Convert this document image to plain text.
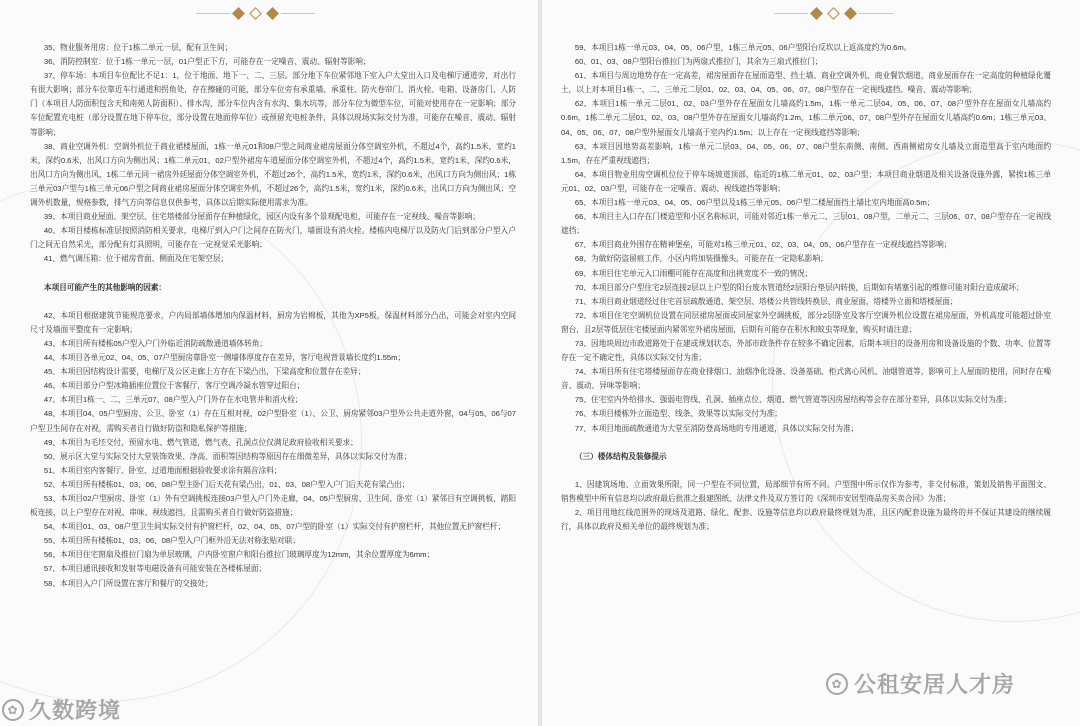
35、物业服务用房：位于1栋二单元一层，配有卫生间；

36、消防控制室：位于1栋一单元一层，01户型正下方，可能存在一定噪音、震动、辐射等影响；

37、停车场：本项目车位配比不足1：1，位于地面、地下一、二、三层。部分地下车位紧邻地下室入户大堂出入口及电梯厅通道旁，对出行有很大影响；部分车位靠近车行通道和拐角处，存在擦碰的可能，部分车位旁有承重墙、承重柱、防火卷帘门、消火栓、电箱、设备房门、人防门（本项目人防面积包含天和南苑人防面积）、排水沟，部分车位内含有水沟、集水坑等，部分车位为微型车位，可能对使用存在一定影响；部分车位配置充电桩（部分设置在地下停车位，部分设置在地面停车位）或预留充电桩条件，具体以现场实际交付为准，可能存在噪音、震动、辐射等影响；

38、商业空调外机：空调外机位于商业裙楼屋面，1栋一单元01和08户型之间商业裙房屋面分体空调室外机，不超过4个，高约1.5米，宽约1米，深约0.6米，出风口方向为侧出风；1栋二单元01、02户型外裙房车道屋面分体空调室外机，不超过4个，高约1.5米，宽约1米，深约0.6米，出风口方向为侧出风，1栋二单元同一裙房外廷屋面分体空调室外机，不超过26个，高约1.5米，宽约1米，深约0.6米，出风口方向为侧出风；1栋三单元03户型与1栋三单元06户型之间商业裙房屋面分体空调室外机，不超过26个，高约1.5米，宽约1米，深约0.6米，出风口方向为侧出风；空调外机数量，规格参数，排气方向等信息仅供参考，具体以后期实际使用需求为准。

39、本项目商业屋面、架空层、住宅塔楼部分屋面存在种植绿化，园区内设有多个景观配电柜，可能存在一定视线、噪音等影响；

40、本项目楼栋标准层按照消防相关要求，电梯厅到入户门之间存在防火门，墙面设有消火栓。楼栋内电梯厅以及防火门后到部分户型入户门之间无自然采光，部分配有灯具照明，可能存在一定视觉采光影响；

41、燃气调压箱：位于裙房背面、侧面及住宅架空层；

本项目可能产生的其他影响的因素：

42、本项目根据建筑节能规范要求，户内局部墙体增加内保温材料，厨房为岩棉板，其他为XP5板，保温材料部分凸出，可能会对室内空间尺寸及墙面平整度有一定影响；

43、本项目所有楼栋05户型入户门外临近消防疏散通道墙体转角；

44、本项目各单元02、04、05、07户型厨房靠卧室一侧墙体厚度存在差异，客厅电视背景墙长度约1.55m；

45、本项目因结构设计需要，电梯厅及公区走廊上方存在下梁凸出，下梁高度和位置存在差异；

46、本项目部分户型冰箱插座位置位于客餐厅，客厅空调冷凝水管穿过阳台；

47、本项目1栋一、二、三单元07、08户型入户门外存在水电管井和消火栓；

48、本项目04、05户型厨房、公卫、卧室（1）存在互相对视，02户型卧室（1）、公卫、厨房紧邻03户型外公共走道外窗，04与05、06与07户型卫生间存在对视，需购买者自行做好防盗和隐私保护等措施；

49、本项目为毛坯交付，预留水电、燃气管道，燃气表、孔洞点位仅满足政府验收相关要求；

50、展示区大堂与实际交付大堂装饰效果、净高、面积等因结构等原因存在细微差异，具体以实际交付为准；

51、本项目室内客餐厅、卧室、过道地面根据验收要求涂有隔音涂料；

52、本项目所有楼栋01、03、06、08户型主卧门后天花有梁凸出，01、03、08户型入户门后天花有梁凸出；

53、本项目02户型厨房、卧室（1）外有空调挑板连接03户型入户门外走廊，04、05户型厨房、卫生间、卧室（1）紧邻目有空调挑板、踏阳板连接，以上户型存在对视、串味、视线遮挡，且需购买者自行做好防盗措施；

54、本项目01、03、08户型卫生间实际交付有护窗栏杆，02、04、05、07户型的卧室（1）实际交付有护窗栏杆，其他位置无护窗栏杆；

55、本项目所有楼栋01、03、06、08户型入户门框外沿无法对称张贴对联；

56、本项目住宅窗扇及推拉门扇为单层玻璃，户内卧室窗户和阳台推拉门玻璃厚度为12mm，其余位置厚度为6mm；

57、本项目通讯接收和发射等电磁设备有可能安装在各楼栋屋面；

58、本项目入户门所设置在客厅和餐厅的交接处；

59、本项目1栋一单元03、04、05、06户型，1栋三单元05、06户型阳台反坎以上返高度约为0.6m。

60、01、03、08户型阳台推拉门为两扇式推拉门，其余为三扇式推拉门；

61、本项目与周边地势存在一定高差，裙房屋面存在屋面造型、挡土墙、商业空调外机、商业餐饮烟道，商业屋面存在一定高度的种植绿化覆土，以上对本项目1栋一、二、三单元二层01、02、03、04、05、06、07、08户型存在一定视线遮挡、噪音、震动等影响；

62、本项目1栋一单元二层01、02、03户型外存在屋面女儿墙高约1.5m，1栋一单元二层04、05、06、07、08户型外存在屋面女儿墙高约0.6m，1栋二单元二层01、02、03、08户型外存在屋面女儿墙高约1.2m，1栋二单元06、07、08户型外存在屋面女儿墙高约0.6m；1栋三单元03、04、05、06、07、08户型外屋面女儿墙高于室内约1.5m；以上存在一定视线遮挡等影响；

63、本项目因地势高差影响，1栋一单元二层03、04、05、06、07、08户型东南侧、南侧、西南侧裙房女儿墙及立面造型高于室内地面约1.5m，存在严重视线遮挡；

64、本项目物业用房空调机位位于停车场坡道顶部，临近的1栋二单元01、02、03户型；本项目商业烟道及相关设备设施外露，紧挨1栋三单元01、02、03户型，可能存在一定噪音、震动、视线遮挡等影响；

65、本项目1栋一单元03、04、05、06户型以及1栋三单元05、06户型二楼屋面挡土墙比室内地面高0.5m；

66、本项目主入口存在门楼造型和小区名称标识，可能对邻近1栋一单元二、三层01、08户型，二单元二、三层06、07、08户型存在一定视线遮挡；

67、本项目商业外围存在精神堡垒，可能对1栋三单元01、02、03、04、05、06户型存在一定视线遮挡等影响；

68、为做好防盗留痕工作，小区内将加装摄像头，可能存在一定隐私影响；

69、本项目住宅单元入口雨棚可能存在高度和出挑宽度不一致的情况；

70、本项目部分户型住宅2层连接2层以上户型的阳台废水管道经2层阳台垫层内转换，后期如有堵塞引起的维修可能对阳台造成破坏；

71、本项目商业烟道经过住宅首层疏散通道、架空层、塔楼公共管线转换层、商业屋面，塔楼外立面和塔楼屋面；

72、本项目住宅空调机位设置在同层裙房屋面或同屋家外空调挑板，部分2层卧室及客厅空调外机位设置在裙房屋面，外机高度可能超过卧室窗台，且2层等低层住宅楼屋面内紧邻室外裙房屋面，后期有可能存在积水和蚊虫等现象，购买时请注意；

73、因地块周边市政道路处于在建或规划状态，外部市政条件存在较多不确定因素，后期本项目的设备用房和设备设施的个数、功率、位置等存在一定不确定性，具体以实际交付为准；

74、本项目所有住宅塔楼屋面存在商业排烟口、油烟净化设备、设备基础、柜式离心风机、油烟管道等，影响可上人屋面的使用，同时存在噪音、震动、异味等影响；

75、住宅室内外给排水、强弱电管线、孔洞、插座点位、烟道、燃气管道等因房屋结构等会存在部分差异，具体以实际交付为准；

76、本项目楼栋外立面造型、线条、效果等以实际交付为准；

77、本项目地面疏散通道为大堂至消防登高场地的专用通道，具体以实际交付为准；

（三）楼体结构及装修提示

1、因建筑场地、立面效果所限，同一户型在不同位置，局部细节有所不同。户型图中所示仅作为参考，非交付标准，策划及销售平面图文、销售模型中所有信息均以政府最后批准之报建图纸、法律文件及双方签订的《深圳市安居型商品房买卖合同》为准；

2、项目用地红线范围外的现场及道路、绿化、配套、设施等信息均以政府最终规划为准，且区内配套设施为最终的并不保证其建设的继续履行，具体以政府及相关单位的最终规划为准；

✿ 久数跨境
✿ 公租安居人才房
